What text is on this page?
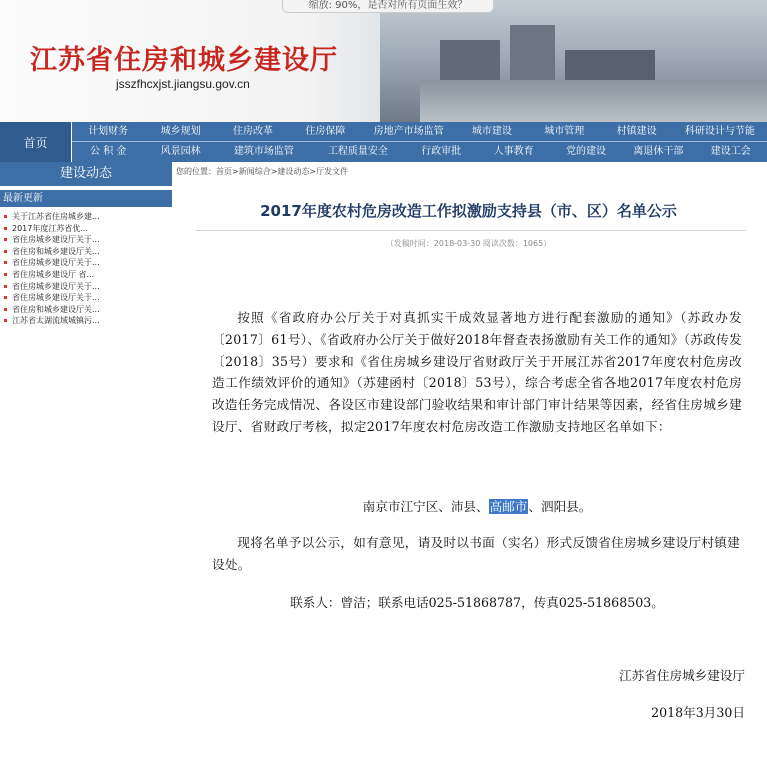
缩放: 90%，是否对所有页面生效？
江苏省住房和城乡建设厅
jsszfhcxjst.jiangsu.gov.cn
首页
计划财务	城乡规划	住房改革	住房保障	房地产市场监管	城市建设	城市管理	村镇建设	科研设计与节能
公 积 金	风景园林	建筑市场监管	工程质量安全	行政审批	人事教育	党的建设	离退休干部	建设工会
建设动态
最新更新
关于江苏省住房城乡建...
2017年度江苏省优...
省住房城乡建设厅关于...
省住房和城乡建设厅关...
省住房城乡建设厅关于...
省住房城乡建设厅 省...
省住房城乡建设厅关于...
省住房城乡建设厅关于...
省住房和城乡建设厅关...
江苏省太湖流域城镇污...
您的位置：首页>新闻综合>建设动态>厅发文件
2017年度农村危房改造工作拟激励支持县（市、区）名单公示
（发稿时间：2018-03-30 阅读次数：1065）
按照《省政府办公厅关于对真抓实干成效显著地方进行配套激励的通知》（苏政办发〔2017〕61号）、《省政府办公厅关于做好2018年督查表扬激励有关工作的通知》（苏政传发〔2018〕35号）要求和《省住房城乡建设厅省财政厅关于开展江苏省2017年度农村危房改造工作绩效评价的通知》（苏建函村〔2018〕53号），综合考虑全省各地2017年度农村危房改造任务完成情况、各设区市建设部门验收结果和审计部门审计结果等因素，经省住房城乡建设厅、省财政厅考核，拟定2017年度农村危房改造工作激励支持地区名单如下：
南京市江宁区、沛县、高邮市、泗阳县。
现将名单予以公示，如有意见，请及时以书面（实名）形式反馈省住房城乡建设厅村镇建设处。
联系人：曾洁；联系电话025-51868787，传真025-51868503。
江苏省住房城乡建设厅
2018年3月30日
